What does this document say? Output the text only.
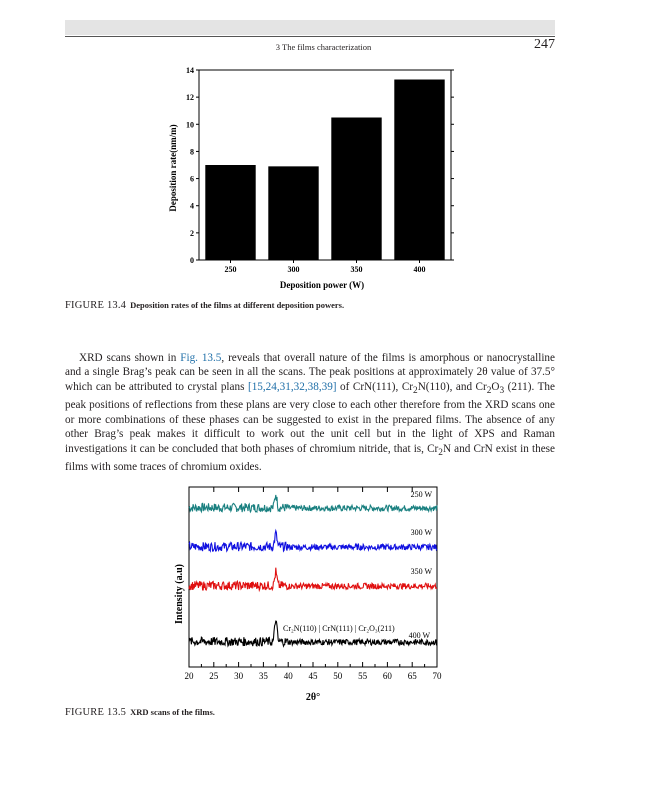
3 The films characterization	247
0
2
4
6
8
10
12
14
250	300	350	400
Deposition rate(nm/m)
Deposition power (W)
FIGURE 13.4 Deposition rates of the films at different deposition powers.

XRD scans shown in Fig. 13.5, reveals that overall nature of the films is amorphous or nanocrystalline and a single Brag’s peak can be seen in all the scans. The peak positions at approximately 2θ value of 37.5° which can be attributed to crystal plans [15,24,31,32,38,39] of CrN(111), $Cr_2N(110)$, and $Cr_2O_3$ (211). The peak positions of reflections from these plans are very close to each other therefore from the XRD scans one or more combinations of these phases can be suggested to exist in the prepared films. The absence of any other Brag’s peak makes it difficult to work out the unit cell but in the light of XPS and Raman investigations it can be concluded that both phases of chromium nitride, that is, $Cr_2N$ and CrN exist in these films with some traces of chromium oxides.

20 25 30 35 40 45 50 55 60 65 70
250 W
300 W
350 W
400 W
Intensity (a.u)
2θ°
Cr₂N(110) | CrN(111) | Cr₂O₃(211)
FIGURE 13.5 XRD scans of the films.
